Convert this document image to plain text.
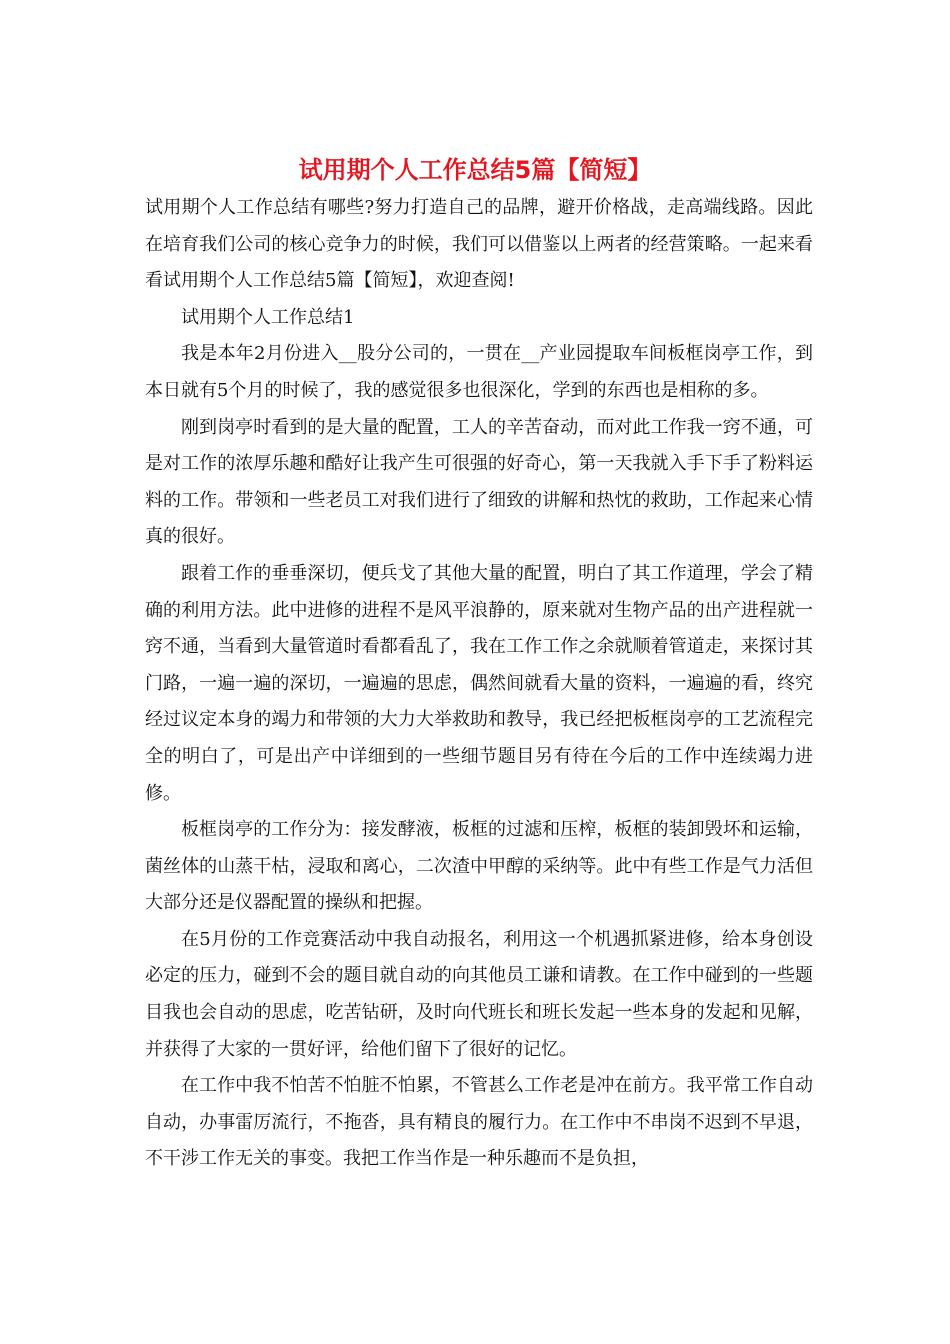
试用期个人工作总结5篇【简短】

试用期个人工作总结有哪些?努力打造自己的品牌，避开价格战，走高端线路。因此在培育我们公司的核心竞争力的时候，我们可以借鉴以上两者的经营策略。一起来看看试用期个人工作总结5篇【简短】，欢迎查阅!

试用期个人工作总结1

我是本年2月份进入__股分公司的，一贯在__产业园提取车间板框岗亭工作，到本日就有5个月的时候了，我的感觉很多也很深化，学到的东西也是相称的多。

刚到岗亭时看到的是大量的配置，工人的辛苦奋动，而对此工作我一窍不通，可是对工作的浓厚乐趣和酷好让我产生可很强的好奇心，第一天我就入手下手了粉料运料的工作。带领和一些老员工对我们进行了细致的讲解和热忱的救助，工作起来心情真的很好。

跟着工作的垂垂深切，便兵戈了其他大量的配置，明白了其工作道理，学会了精确的利用方法。此中进修的进程不是风平浪静的，原来就对生物产品的出产进程就一窍不通，当看到大量管道时看都看乱了，我在工作工作之余就顺着管道走，来探讨其门路，一遍一遍的深切，一遍遍的思虑，偶然间就看大量的资料，一遍遍的看，终究经过议定本身的竭力和带领的大力大举救助和教导，我已经把板框岗亭的工艺流程完全的明白了，可是出产中详细到的一些细节题目另有待在今后的工作中连续竭力进修。

板框岗亭的工作分为：接发酵液，板框的过滤和压榨，板框的装卸毁坏和运输，菌丝体的山蒸干枯，浸取和离心，二次渣中甲醇的采纳等。此中有些工作是气力活但大部分还是仪器配置的操纵和把握。

在5月份的工作竞赛活动中我自动报名，利用这一个机遇抓紧进修，给本身创设必定的压力，碰到不会的题目就自动的向其他员工谦和请教。在工作中碰到的一些题目我也会自动的思虑，吃苦钻研，及时向代班长和班长发起一些本身的发起和见解，并获得了大家的一贯好评，给他们留下了很好的记忆。

在工作中我不怕苦不怕脏不怕累，不管甚么工作老是冲在前方。我平常工作自动自动，办事雷厉流行，不拖沓，具有精良的履行力。在工作中不串岗不迟到不早退，不干涉工作无关的事变。我把工作当作是一种乐趣而不是负担，
